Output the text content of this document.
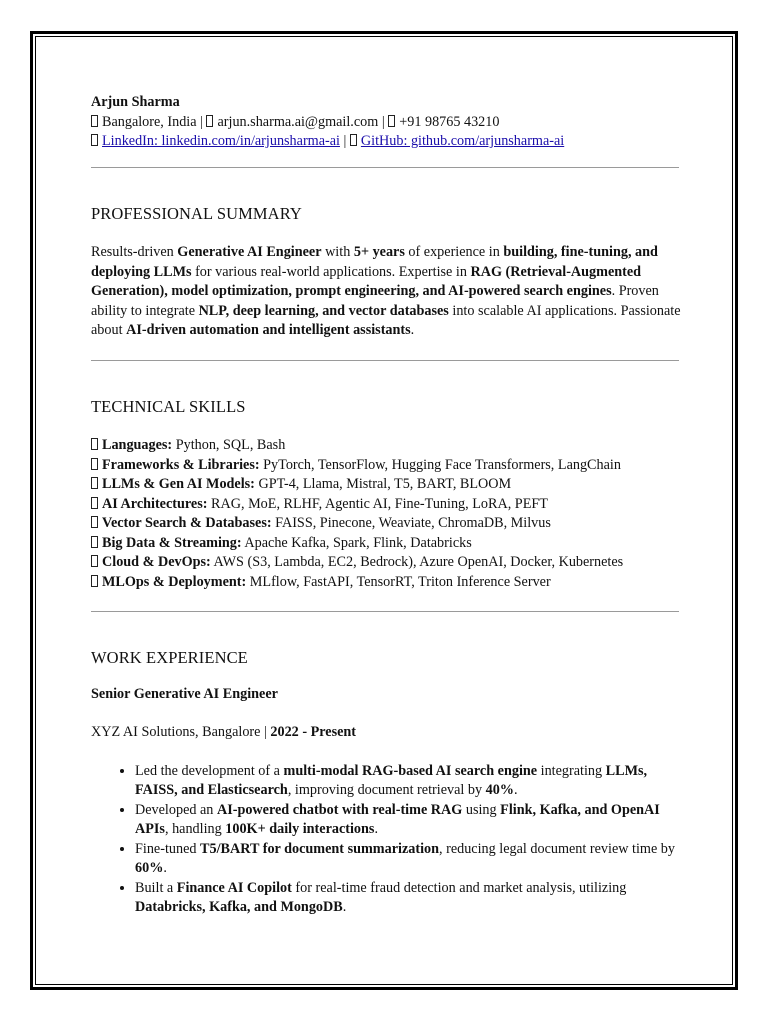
Arjun Sharma
Bangalore, India | arjun.sharma.ai@gmail.com | +91 98765 43210
LinkedIn: linkedin.com/in/arjunsharma-ai | GitHub: github.com/arjunsharma-ai
PROFESSIONAL SUMMARY
Results-driven Generative AI Engineer with 5+ years of experience in building, fine-tuning, and deploying LLMs for various real-world applications. Expertise in RAG (Retrieval-Augmented Generation), model optimization, prompt engineering, and AI-powered search engines. Proven ability to integrate NLP, deep learning, and vector databases into scalable AI applications. Passionate about AI-driven automation and intelligent assistants.
TECHNICAL SKILLS
Languages: Python, SQL, Bash
Frameworks & Libraries: PyTorch, TensorFlow, Hugging Face Transformers, LangChain
LLMs & Gen AI Models: GPT-4, Llama, Mistral, T5, BART, BLOOM
AI Architectures: RAG, MoE, RLHF, Agentic AI, Fine-Tuning, LoRA, PEFT
Vector Search & Databases: FAISS, Pinecone, Weaviate, ChromaDB, Milvus
Big Data & Streaming: Apache Kafka, Spark, Flink, Databricks
Cloud & DevOps: AWS (S3, Lambda, EC2, Bedrock), Azure OpenAI, Docker, Kubernetes
MLOps & Deployment: MLflow, FastAPI, TensorRT, Triton Inference Server
WORK EXPERIENCE
Senior Generative AI Engineer
XYZ AI Solutions, Bangalore | 2022 - Present
• Led the development of a multi-modal RAG-based AI search engine integrating LLMs, FAISS, and Elasticsearch, improving document retrieval by 40%.
• Developed an AI-powered chatbot with real-time RAG using Flink, Kafka, and OpenAI APIs, handling 100K+ daily interactions.
• Fine-tuned T5/BART for document summarization, reducing legal document review time by 60%.
• Built a Finance AI Copilot for real-time fraud detection and market analysis, utilizing Databricks, Kafka, and MongoDB.
